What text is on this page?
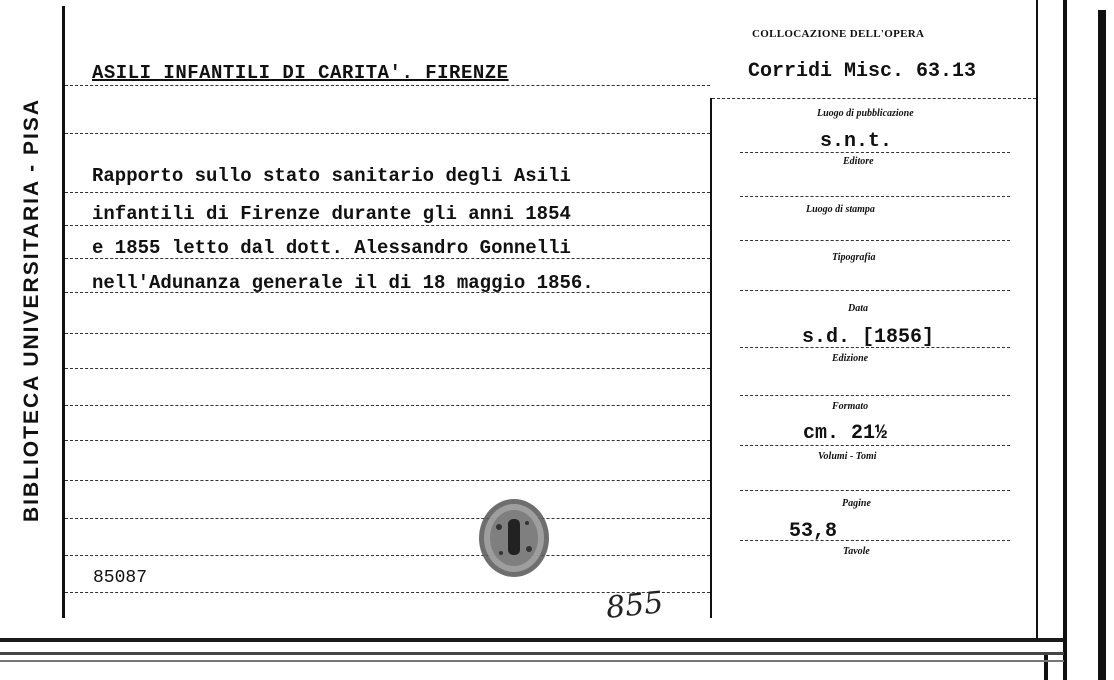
BIBLIOTECA UNIVERSITARIA - PISA
COLLOCAZIONE DELL'OPERA
Corridi Misc. 63.13
ASILI INFANTILI DI CARITA'. FIRENZE
Rapporto sullo stato sanitario degli Asili
infantili di Firenze durante gli anni 1854
e 1855 letto dal dott. Alessandro Gonnelli
nell'Adunanza generale il di 18 maggio 1856.
85087
855
Luogo di pubblicazione
s.n.t.
Editore
Luogo di stampa
Tipografia
Data
s.d. [1856]
Edizione
Formato
cm. 21½
Volumi - Tomi
Pagine
53,8
Tavole
